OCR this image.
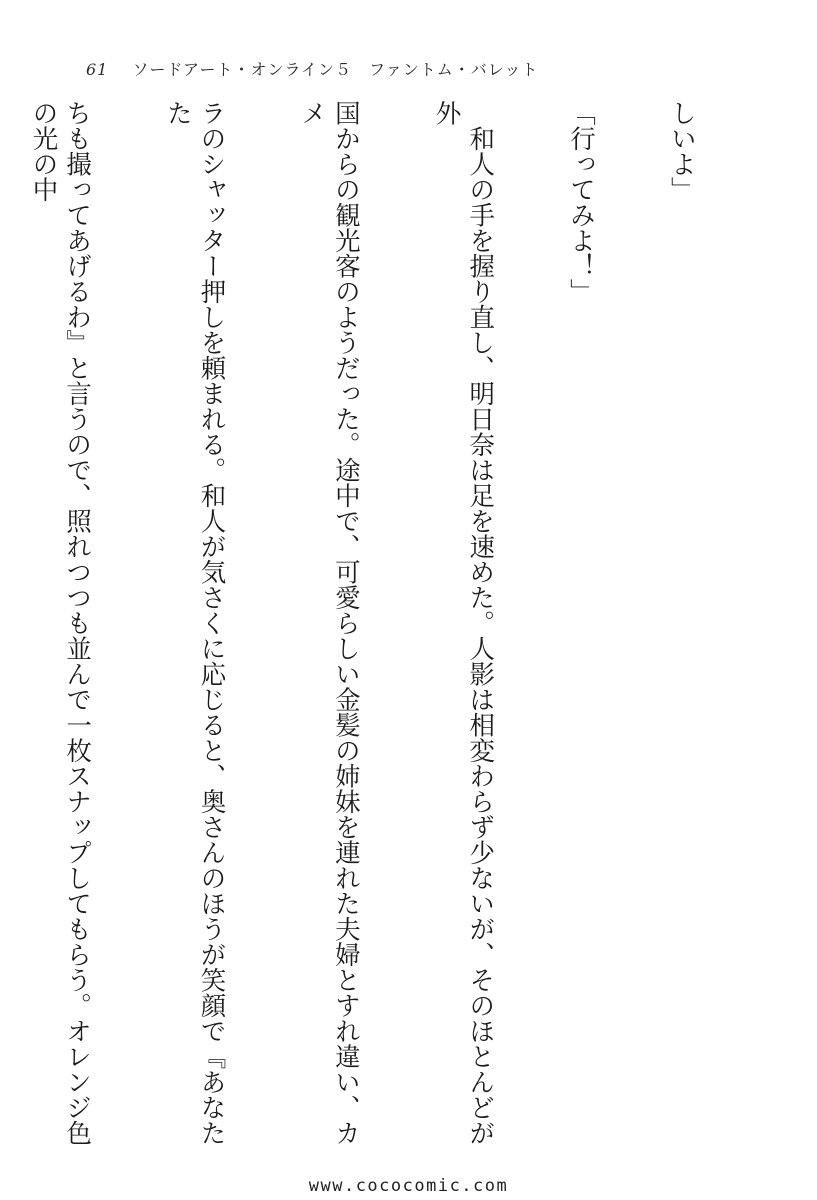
61 ソードアート・オンライン５　ファントム・バレット

しいよ」

「行ってみよ！」

　和人の手を握り直し、明日奈は足を速めた。人影は相変わらず少ないが、そのほとんどが外

国からの観光客のようだった。途中で、可愛らしい金髪の姉妹を連れた夫婦とすれ違い、カメ

ラのシャッター押しを頼まれる。和人が気さくに応じると、奥さんのほうが笑顔で『あなたた

ちも撮ってあげるわ』と言うので、照れつつも並んで一枚スナップしてもらう。オレンジ色の光の中

www.cococomic.com
